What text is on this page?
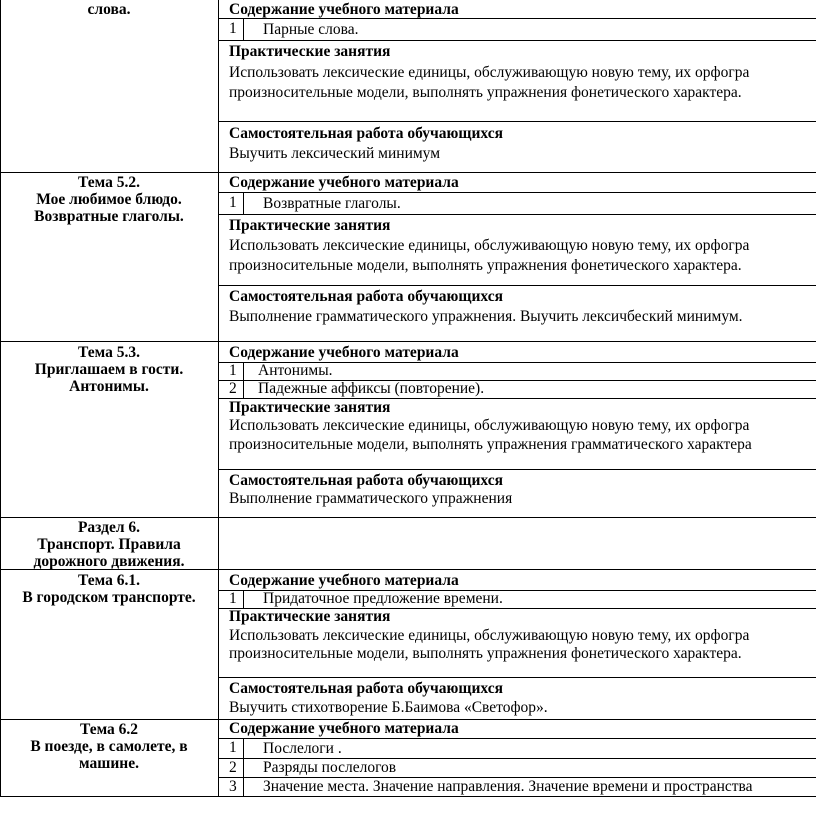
слова.	Содержание учебного материала
1 Парные слова.
Практические занятия
Использовать лексические единицы, обслуживающую новую тему, их орфогра
произносительные модели, выполнять упражнения фонетического характера.
Самостоятельная работа обучающихся
Выучить лексический минимум
Тема 5.2.
Мое любимое блюдо.
Возвратные глаголы.
Содержание учебного материала
1 Возвратные глаголы.
Практические занятия
Использовать лексические единицы, обслуживающую новую тему, их орфогра
произносительные модели, выполнять упражнения фонетического характера.
Самостоятельная работа обучающихся
Выполнение грамматического упражнения. Выучить лексичбеский минимум.
Тема 5.3.
Приглашаем в гости.
Антонимы.
Содержание учебного материала
1 Антонимы.
2 Падежные аффиксы (повторение).
Практические занятия
Использовать лексические единицы, обслуживающую новую тему, их орфогра
произносительные модели, выполнять упражнения грамматического характера
Самостоятельная работа обучающихся
Выполнение грамматического упражнения
Раздел 6.
Транспорт. Правила
дорожного движения.
Тема 6.1.
В городском транспорте.
Содержание учебного материала
1 Придаточное предложение времени.
Практические занятия
Использовать лексические единицы, обслуживающую новую тему, их орфогра
произносительные модели, выполнять упражнения фонетического характера.
Самостоятельная работа обучающихся
Выучить стихотворение Б.Баимова «Светофор».
Тема 6.2
В поезде, в самолете, в
машине.
Содержание учебного материала
1 Послелоги .
2 Разряды послелогов
3 Значение места. Значение направления. Значение времени и пространства
